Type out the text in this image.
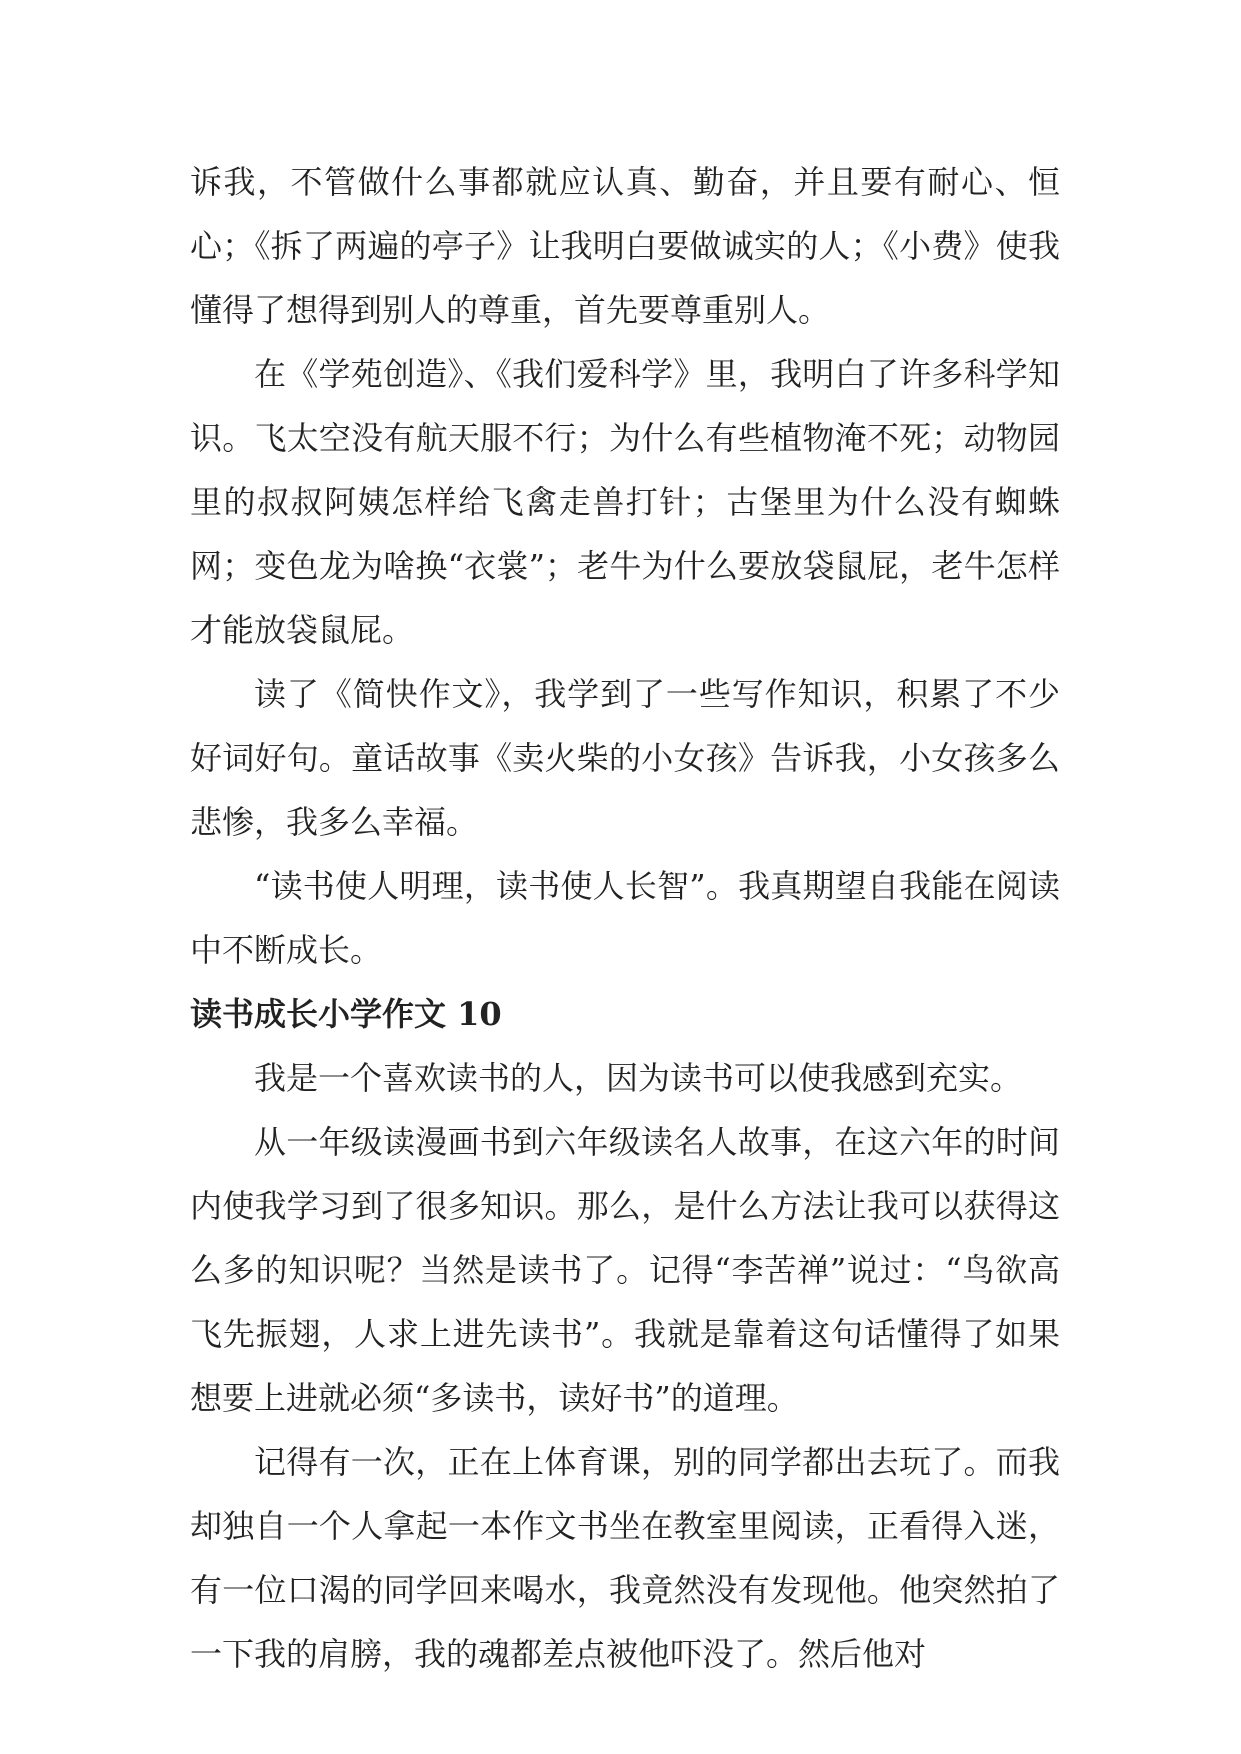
诉我，不管做什么事都就应认真、勤奋，并且要有耐心、恒心；《拆了两遍的亭子》让我明白要做诚实的人；《小费》使我懂得了想得到别人的尊重，首先要尊重别人。

在《学苑创造》、《我们爱科学》里，我明白了许多科学知识。飞太空没有航天服不行；为什么有些植物淹不死；动物园里的叔叔阿姨怎样给飞禽走兽打针；古堡里为什么没有蜘蛛网；变色龙为啥换“衣裳”；老牛为什么要放袋鼠屁，老牛怎样才能放袋鼠屁。

读了《简快作文》，我学到了一些写作知识，积累了不少好词好句。童话故事《卖火柴的小女孩》告诉我，小女孩多么悲惨，我多么幸福。

“读书使人明理，读书使人长智”。我真期望自我能在阅读中不断成长。

读书成长小学作文 10

我是一个喜欢读书的人，因为读书可以使我感到充实。

从一年级读漫画书到六年级读名人故事，在这六年的时间内使我学习到了很多知识。那么，是什么方法让我可以获得这么多的知识呢？当然是读书了。记得“李苦禅”说过：“鸟欲高飞先振翅，人求上进先读书”。我就是靠着这句话懂得了如果想要上进就必须“多读书，读好书”的道理。

记得有一次，正在上体育课，别的同学都出去玩了。而我却独自一个人拿起一本作文书坐在教室里阅读，正看得入迷，有一位口渴的同学回来喝水，我竟然没有发现他。他突然拍了一下我的肩膀，我的魂都差点被他吓没了。然后他对
